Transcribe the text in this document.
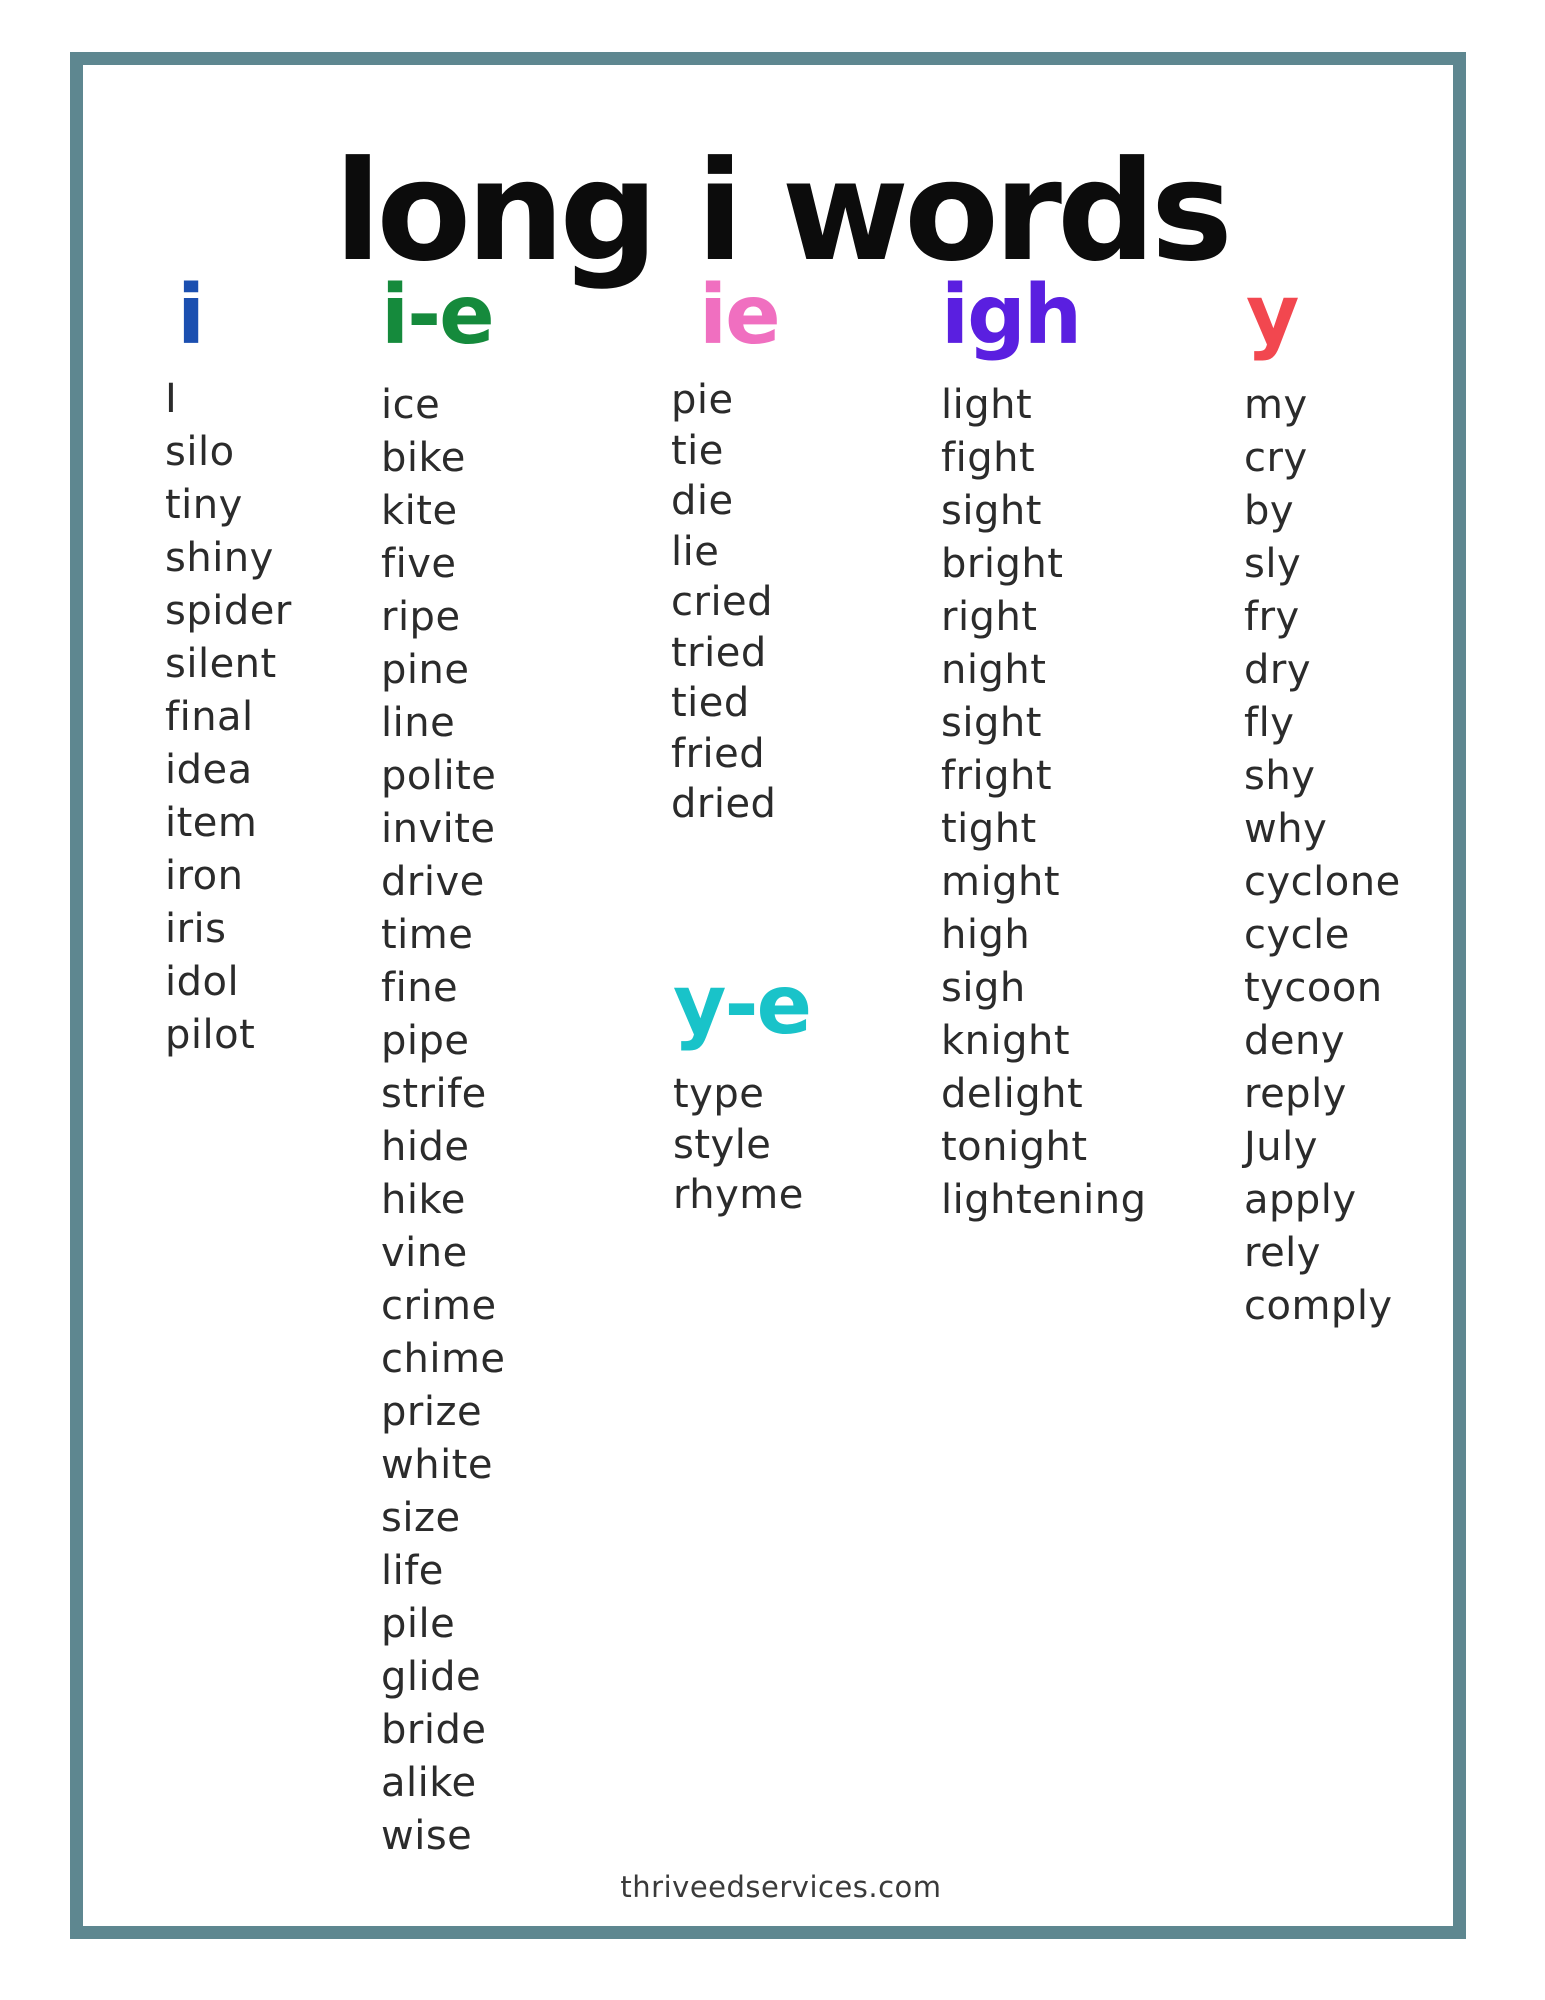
long i words
i
I
silo
tiny
shiny
spider
silent
final
idea
item
iron
iris
idol
pilot
i-e
ice
bike
kite
five
ripe
pine
line
polite
invite
drive
time
fine
pipe
strife
hide
hike
vine
crime
chime
prize
white
size
life
pile
glide
bride
alike
wise
ie
pie
tie
die
lie
cried
tried
tied
fried
dried
y-e
type
style
rhyme
igh
light
fight
sight
bright
right
night
sight
fright
tight
might
high
sigh
knight
delight
tonight
lightening
y
my
cry
by
sly
fry
dry
fly
shy
why
cyclone
cycle
tycoon
deny
reply
July
apply
rely
comply
thriveedservices.com
